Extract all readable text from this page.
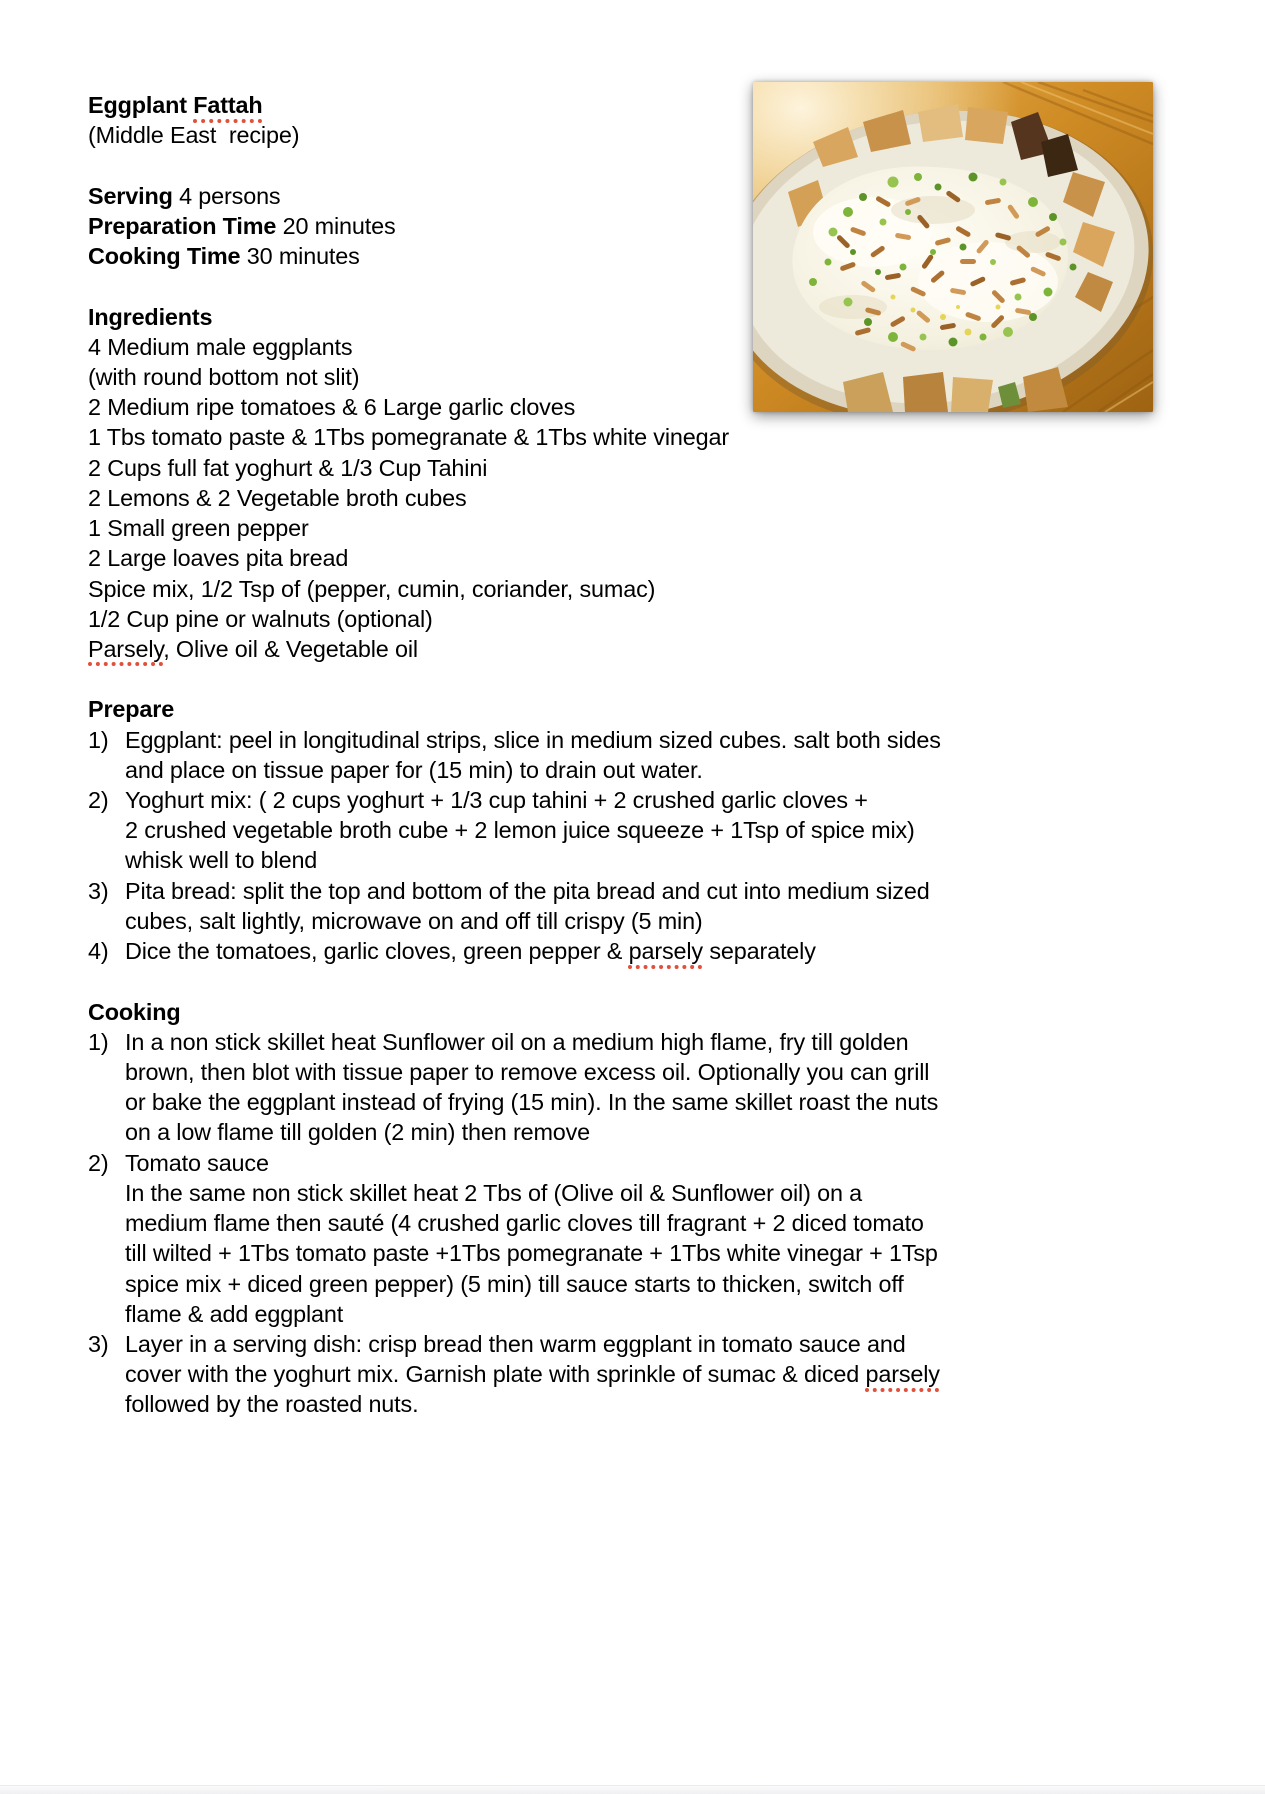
Eggplant Fattah
(Middle East  recipe)
Serving 4 persons
Preparation Time 20 minutes
Cooking Time 30 minutes
Ingredients
4 Medium male eggplants
(with round bottom not slit)
2 Medium ripe tomatoes & 6 Large garlic cloves
1 Tbs tomato paste & 1Tbs pomegranate & 1Tbs white vinegar
2 Cups full fat yoghurt & 1/3 Cup Tahini
2 Lemons & 2 Vegetable broth cubes
1 Small green pepper
2 Large loaves pita bread
Spice mix, 1/2 Tsp of (pepper, cumin, coriander, sumac)
1/2 Cup pine or walnuts (optional)
Parsely, Olive oil & Vegetable oil
Prepare
1) Eggplant: peel in longitudinal strips, slice in medium sized cubes. salt both sides
and place on tissue paper for (15 min) to drain out water.
2) Yoghurt mix: ( 2 cups yoghurt + 1/3 cup tahini + 2 crushed garlic cloves +
2 crushed vegetable broth cube + 2 lemon juice squeeze + 1Tsp of spice mix)
whisk well to blend
3) Pita bread: split the top and bottom of the pita bread and cut into medium sized
cubes, salt lightly, microwave on and off till crispy (5 min)
4) Dice the tomatoes, garlic cloves, green pepper & parsely separately
Cooking
1) In a non stick skillet heat Sunflower oil on a medium high flame, fry till golden
brown, then blot with tissue paper to remove excess oil. Optionally you can grill
or bake the eggplant instead of frying (15 min). In the same skillet roast the nuts
on a low flame till golden (2 min) then remove
2) Tomato sauce
In the same non stick skillet heat 2 Tbs of (Olive oil & Sunflower oil) on a
medium flame then sauté (4 crushed garlic cloves till fragrant + 2 diced tomato
till wilted + 1Tbs tomato paste +1Tbs pomegranate + 1Tbs white vinegar + 1Tsp
spice mix + diced green pepper) (5 min) till sauce starts to thicken, switch off
flame & add eggplant
3) Layer in a serving dish: crisp bread then warm eggplant in tomato sauce and
cover with the yoghurt mix. Garnish plate with sprinkle of sumac & diced parsely
followed by the roasted nuts.
